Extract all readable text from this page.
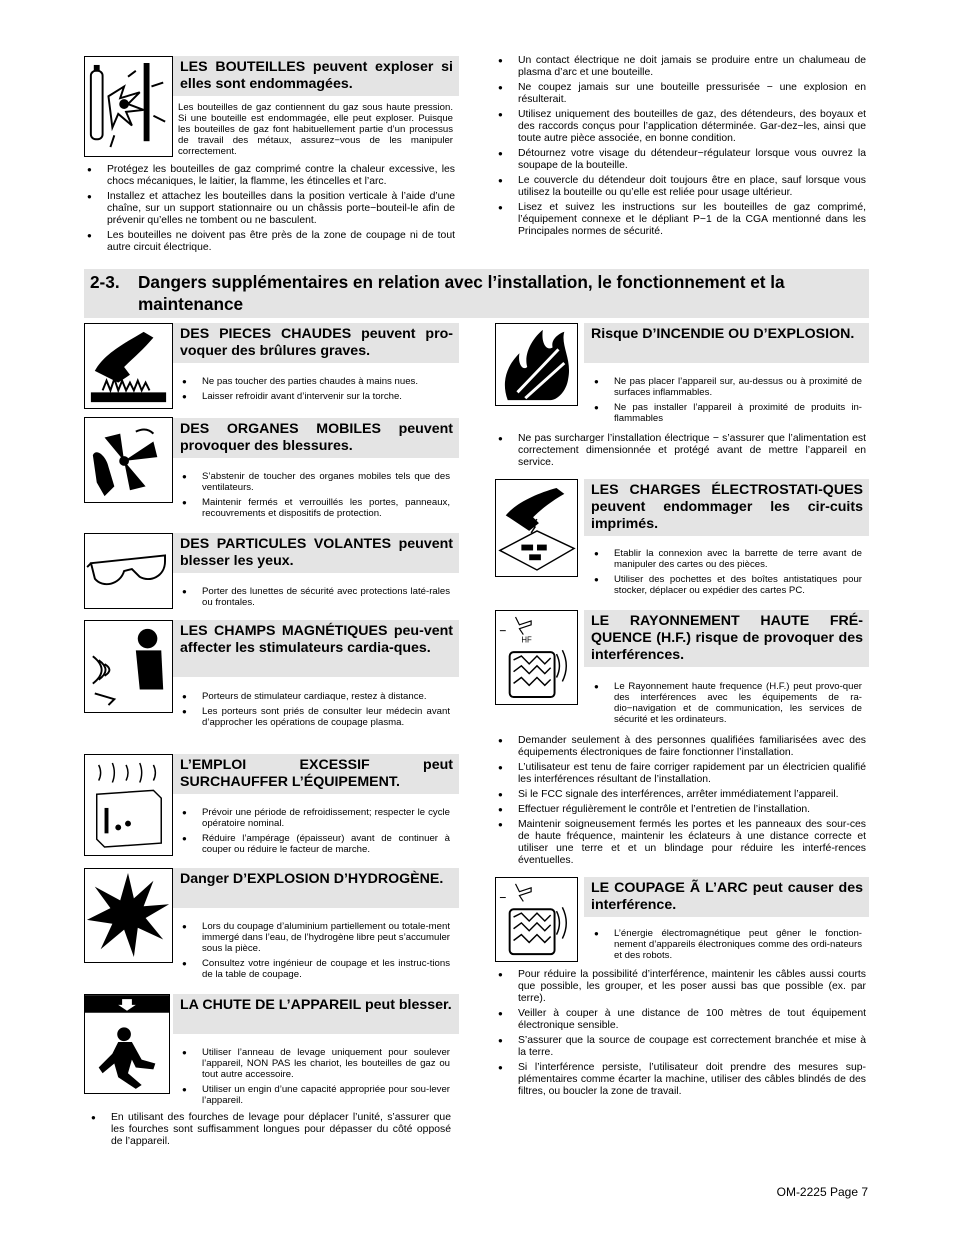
LES BOUTEILLES peuvent exploser si elles sont endommagées.
Les bouteilles de gaz contiennent du gaz sous haute pression. Si une bouteille est endommagée, elle peut exploser. Puisque les bouteilles de gaz font habituellement partie d’un processus de travail des métaux, assurez−vous de les manipuler correctement.
● Protégez les bouteilles de gaz comprimé contre la chaleur excessive, les chocs mécaniques, le laitier, la flamme, les étincelles et l’arc.
● Installez et attachez les bouteilles dans la position verticale à l’aide d’une chaîne, sur un support stationnaire ou un châssis porte−bouteil-le afin de prévenir qu’elles ne tombent ou ne basculent.
● Les bouteilles ne doivent pas être près de la zone de coupage ni de tout autre circuit électrique.
● Un contact électrique ne doit jamais se produire entre un chalumeau de plasma d’arc et une bouteille.
● Ne coupez jamais sur une bouteille pressurisée − une explosion en résulterait.
● Utilisez uniquement des bouteilles de gaz, des détendeurs, des boyaux et des raccords conçus pour l’application déterminée. Gar-dez−les, ainsi que toute autre pièce associée, en bonne condition.
● Détournez votre visage du détendeur−régulateur lorsque vous ouvrez la soupape de la bouteille.
● Le couvercle du détendeur doit toujours être en place, sauf lorsque vous utilisez la bouteille ou qu’elle est reliée pour usage ultérieur.
● Lisez et suivez les instructions sur les bouteilles de gaz comprimé, l’équipement connexe et le dépliant P−1 de la CGA mentionné dans les Principales normes de sécurité.
2-3. Dangers supplémentaires en relation avec l’installation, le fonctionnement et la maintenance
DES PIECES CHAUDES peuvent pro-voquer des brûlures graves.
● Ne pas toucher des parties chaudes à mains nues.
● Laisser refroidir avant d’intervenir sur la torche.
DES ORGANES MOBILES peuvent provoquer des blessures.
● S’abstenir de toucher des organes mobiles tels que des ventilateurs.
● Maintenir fermés et verrouillés les portes, panneaux, recouvrements et dispositifs de protection.
DES PARTICULES VOLANTES peuvent blesser les yeux.
● Porter des lunettes de sécurité avec protections laté-rales ou frontales.
LES CHAMPS MAGNÉTIQUES peu-vent affecter les stimulateurs cardia-ques.
● Porteurs de stimulateur cardiaque, restez à distance.
● Les porteurs sont priés de consulter leur médecin avant d’approcher les opérations de coupage plasma.
L’EMPLOI EXCESSIF peut SURCHAUFFER L’ÉQUIPEMENT.
● Prévoir une période de refroidissement; respecter le cycle opératoire nominal.
● Réduire l’ampérage (épaisseur) avant de continuer à couper ou réduire le facteur de marche.
Danger D’EXPLOSION D’HYDROGÈNE.
● Lors du coupage d’aluminium partiellement ou totale-ment immergé dans l’eau, de l’hydrogène libre peut s’accumuler sous la pièce.
● Consultez votre ingénieur de coupage et les instruc-tions de la table de coupage.
LA CHUTE DE L’APPAREIL peut blesser.
● Utiliser l’anneau de levage uniquement pour soulever l’appareil, NON PAS les chariot, les bouteilles de gaz ou tout autre accessoire.
● Utiliser un engin d’une capacité appropriée pour sou-lever l’appareil.
● En utilisant des fourches de levage pour déplacer l’unité, s’assurer que les fourches sont suffisamment longues pour dépasser du côté opposé de l’appareil.
Risque D’INCENDIE OU D’EXPLOSION.
● Ne pas placer l’appareil sur, au-dessus ou à proximité de surfaces inflammables.
● Ne pas installer l’appareil à proximité de produits in-flammables
● Ne pas surcharger l’installation électrique − s’assurer que l’alimentation est correctement dimensionnée et protégé avant de mettre l’appareil en service.
LES CHARGES ÉLECTROSTATI-QUES peuvent endommager les cir-cuits imprimés.
● Etablir la connexion avec la barrette de terre avant de manipuler des cartes ou des pièces.
● Utiliser des pochettes et des boîtes antistatiques pour stocker, déplacer ou expédier des cartes PC.
HF
LE RAYONNEMENT HAUTE FRÉ-QUENCE (H.F.) risque de provoquer des interférences.
● Le Rayonnement haute frequence (H.F.) peut provo-quer des interférences avec les équipements de ra-dio−navigation et de communication, les services de sécurité et les ordinateurs.
● Demander seulement à des personnes qualifiées familiarisées avec des équipements électroniques de faire fonctionner l’installation.
● L’utilisateur est tenu de faire corriger rapidement par un électricien qualifié les interférences résultant de l’installation.
● Si le FCC signale des interférences, arrêter immédiatement l’appareil.
● Effectuer régulièrement le contrôle et l’entretien de l’installation.
● Maintenir soigneusement fermés les portes et les panneaux des sour-ces de haute fréquence, maintenir les éclateurs à une distance correcte et utiliser une terre et et un blindage pour réduire les interfé-rences éventuelles.
LE COUPAGE Ã L’ARC peut causer des interférence.
● L’énergie électromagnétique peut gêner le fonction-nement d’appareils électroniques comme des ordi-nateurs et des robots.
● Pour réduire la possibilité d’interférence, maintenir les câbles aussi courts que possible, les grouper, et les poser aussi bas que possible (ex. par terre).
● Veiller à couper à une distance de 100 mètres de tout équipement électronique sensible.
● S’assurer que la source de coupage est correctement branchée et mise à la terre.
● Si l’interférence persiste, l’utilisateur doit prendre des mesures sup-plémentaires comme écarter la machine, utiliser des câbles blindés de des filtres, ou boucler la zone de travail.
OM-2225 Page 7
